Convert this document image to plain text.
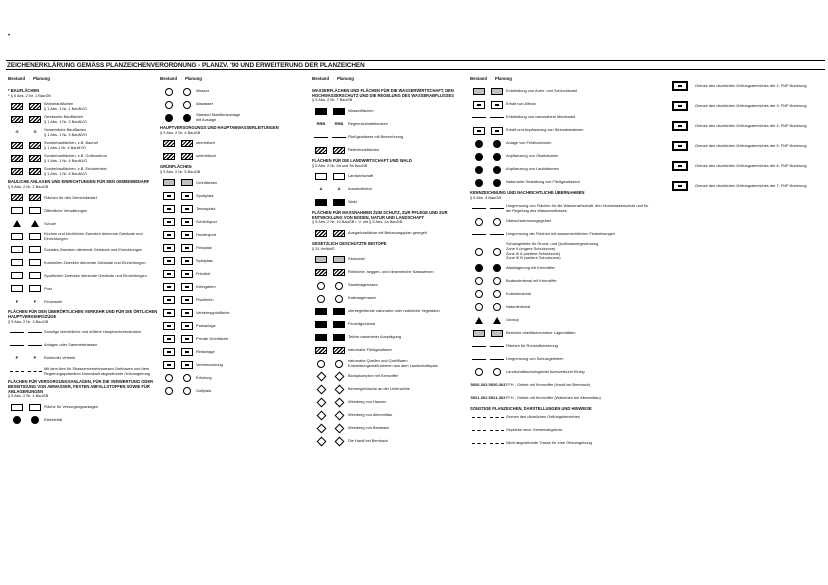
•
ZEICHENERKLÄRUNG GEMÄSS PLANZEICHENVERORDNUNG - PLANZV. '90 UND ERWEITERUNG DER PLANZEICHEN
Bestand Planung
* BAUFLÄCHEN
* § 5 Abs. 2 Nr. 1 BauGB
Wohnbauflächen
§ 1 Abs. 1 Nr. 1 BauNVO
Gemischte Bauflächen
§ 1 Abs. 1 Nr. 2 BauNVO
G	G Gewerbliche Bauflächen
§ 1 Abs. 1 Nr. 3 BauNVO
Sonderbauflächen, z.B. Bauhof
§ 1 Abs.1 Nr. 4 BauNVO
Sonderbauflächen, z.B. Gottsonbrun
§ 1 Abs. 1 Nr. 4 BauNVO
Sonderbauflächen, z.B. Ericsteinstel
§ 1 Abs. 1 Nr. 4 BauNVO
BAULICHE ANLAGEN UND EINRICHTUNGEN FÜR DEN GEMEINBEDARF
§ 5 Abs. 2 Nr. 2 BauGB
Flächen für den Gemeinbedarf
Öffentliche Verwaltungen
Schule
Kirchen und kirchlichen Zwecken dienende Gebäude und Einrichtungen
Sozialen Zwecken dienende Gebäude und Einrichtungen
Kulturellen Zwecken dienende Gebäude und Einrichtungen
Sportlichen Zwecken dienende Gebäude und Einrichtungen
Post
F	F Feuerwehr
FLÄCHEN FÜR DEN ÜBERÖRTLICHEN VERKEHR UND FÜR DIE ÖRTLICHEN HAUPTVERKEHRSZÜGE
§ 5 Abs. 2 Nr. 3 BauGB
Sonstige überörtliche und örtliche Hauptverkehrsstraßen
Anlagen oder Sammelstrassen
P	P Ruhender Verkehr
Mit dem Amt für Strassenverkehrswesen Gehhaven und dem Regierungspräsidium Darmstadt abgestimmte Ortsumgehung
FLÄCHEN FÜR VERSORGUNGSANLAGEN, FÜR DIE VERWERTUNG ODER BESEITIGUNG VON ABWASSER, FESTEN ABFALLSTOFFEN SOWIE FÜR ABLAGERUNGEN
§ 5 Abs. 2 Nr. 4 BauGB
Fläche für Versorgungsanlagen
Elektrizität
Bestand Planung
Wasser
Abwasser
Standort Mobilfunkanlage
mit Auslage
HAUPTVERSORGUNGS UND HAUPTABWASSERLEITUNGEN
§ 5 Abs. 2 Nr. 4 BauGB
oberirdisch
unterirdisch
GRÜNFLÄCHEN
§ 5 Abs. 2 Nr. 5 BauGB
Grünflächen
Sportplatz
Tennisplatz
Schießsport
Hundesport
Festplatz
Spielplatz
Friedhof
Kleingärten
Fischteich
Verkehrsgrünfläche
Parkanlage
Private Grünfläche
Reitanlage
Vereinsnutzung
Erholung
Golfplatz
Bestand Planung
WASSERFLÄCHEN UND FLÄCHEN FÜR DIE WASSERWIRTSCHAFT, DEN HOCHWASSERSCHUTZ UND DIE REGELUNG DES WASSERABFLUSSES
§ 5 Abs. 2 Nr. 7 BauGB
Wasserflächen
RRB RRB Regenrückhaltebecken
Fließgewässer mit Bezeichnung
Retentionsflächen
FLÄCHEN FÜR DIE LANDWIRTSCHAFT UND WALD
§ 5 Abs. 2 Nr. 9a und 9b BauGB
Landwirtschaft
A	A Aussiedlerhof
Wald
FLÄCHEN FÜR MASSNAHMEN ZUM SCHUTZ, ZUR PFLEGE UND ZUR ENTWICKLUNG VON BODEN, NATUR UND LANDSCHAFT
§ 5 Abs. 2 Nr. 10 BauGB i. V. mit § 5 Abs. 2a BauGB
Ausgleichsfläche mit Bebauungsplan geregelt
GESETZLICH GESCHÜTZTE BIOTOPE
§ 31 HeNatG
Streuobst
Röhrichte, seggen- und binsenreiche Nasswiesen
Sandmagerrasen
Kalkmagerrasen
uferbegleitende naturnahe oder natürliche Vegetation
Feuchtgrünland
Teiche naturnaher Ausprägung
naturnahe Fließgewässer
naturnahe Quellen und Quellfluren
Entwicklungsmaßnahmen aus dem Landschaftsplan
Biotopkomplex mit Kennziffer
Binnengebüsche an der Unterwühle
Weinberg von Hausen
Weinberg von Altenmittau
Weinberg von Bembach
Die Hardt bei Bembach
Bestand Planung
Entwicklung von Auen- und Schluchtwald
Erhalt von Altholz
Entwicklung von naturnahem Mischwald
Erhalt und Anpflanzung von Streuobstwiesen
Anlage von Feldholzinseln
Anpflanzung von Obstbäumen
Anpflanzung von Laubbäumen
Naturnahe Gestaltung von Fließgewässern
KENNZEICHNUNG UND NACHRICHTLICHE ÜBERNAHMEN
§ 5 Abs. 4 BauGB
Umgrenzung von Flächen für die Wasserwirtschaft, den Hochwasserschutz und für die Regelung des Wasserabflusses
Überschwemmungsgebiet
Umgrenzung der Flächen mit wasserrechtlichen Festsetzungen
Schutzgebiete für Grund- und Quellwassergewinnung
Zone II (engere Schutzzone)
Zone III A (weitere Schutzzone)
Zone III B (weitere Schutzzone)
Altablagerung mit Kennziffer
Bodendenkmal mit Kennziffer
Kulturdenkmal
Naturdenkmal
Geotop
Bereiche oberflächennaher Lagerstätten
Flächen für Rohstoffsicherung
Umgrenzung von Schutzgebieten
Landschaftsschutzgebiet Auenverbund Kinzig
5920-303 5920-303 FFH - Gebiet mit Kennziffer (Hardt bei Bembach)
5921-302 5921-302 FFH - Gebiet mit Kennziffer (Wäldchen bei Altenmittau)
SONSTIGE PLANZEICHEN, DARSTELLUNGEN UND HINWEISE
Grenze des räumlichen Geltungsbereiches
Geplante neue Gemeindegrenze
Nicht abgestimmte Trasse für eine Ortsumgehung
Grenze des räumlichen Geltungsbereiches der 2. FNP Änderung
Grenze des räumlichen Geltungsbereiches der 3. FNP Änderung
Grenze des räumlichen Geltungsbereiches der 4. FNP Änderung
Grenze des räumlichen Geltungsbereiches der 5. FNP Änderung
Grenze des räumlichen Geltungsbereiches der 6. FNP Änderung
Grenze des räumlichen Geltungsbereiches der 7. FNP Änderung
